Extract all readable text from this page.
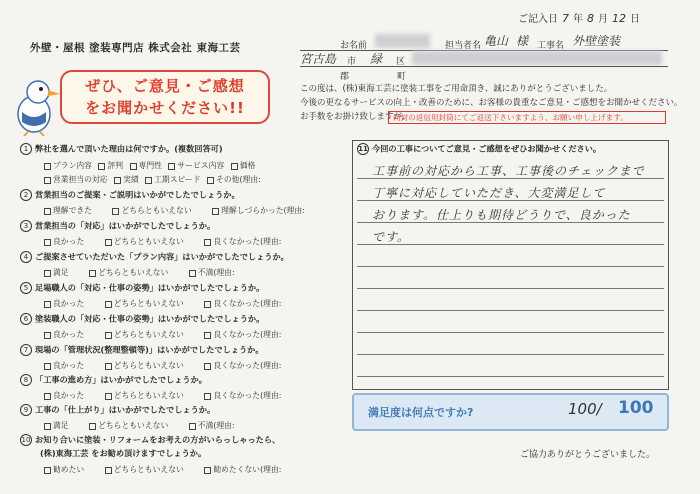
ご記入日 7 年 8 月 12 日
外壁・屋根 塗装専門店 株式会社 東海工芸	お名前	担当者名 亀山 様 工事名 外壁塗装
宮古島 市 緑 区
郡	町
ぜひ、ご意見・ご感想
をお聞かせください!!
この度は、(株)東海工芸に塗装工事をご用命頂き、誠にありがとうございました。
今後の更なるサービスの向上・改善のために、お客様の貴重なご意見・ご感想をお聞かせください。
お手数をお掛け致しますが、
同封の返信用封筒にてご返送下さいますよう、お願い申し上げます。
1 弊社を選んで頂いた理由は何ですか。(複数回答可)
プラン内容 評判 専門性 サービス内容 価格
営業担当の対応 実績 工期スピード その他(理由:
2 営業担当のご提案・ご説明はいかがでしたでしょうか。
理解できた	どちらともいえない	理解しづらかった(理由:
3 営業担当の「対応」はいかがでしたでしょうか。
良かった	どちらともいえない	良くなかった(理由:
4 ご提案させていただいた「プラン内容」はいかがでしたでしょうか。
満足	どちらともいえない	不満(理由:
5 足場職人の「対応・仕事の姿勢」はいかがでしたでしょうか。
良かった	どちらともいえない	良くなかった(理由:
6 塗装職人の「対応・仕事の姿勢」はいかがでしたでしょうか。
良かった	どちらともいえない	良くなかった(理由:
7 現場の「管理状況(整理整頓等)」はいかがでしたでしょうか。
良かった	どちらともいえない	良くなかった(理由:
8 「工事の進め方」はいかがでしたでしょうか。
良かった	どちらともいえない	良くなかった(理由:
9 工事の「仕上がり」はいかがでしたでしょうか。
満足	どちらともいえない	不満(理由:
10 お知り合いに塗装・リフォームをお考えの方がいらっしゃったら、
(株)東海工芸 をお勧め頂けますでしょうか。
勧めたい	どちらともいえない	勧めたくない(理由:
11 今回の工事についてご意見・ご感想をぜひお聞かせください。
工事前の対応から工事、工事後のチェックまで
丁寧に対応していただき、大変満足して
おります。仕上りも期待どうりで、良かった
です。
満足度は何点ですか?	100/ 100
ご協力ありがとうございました。
